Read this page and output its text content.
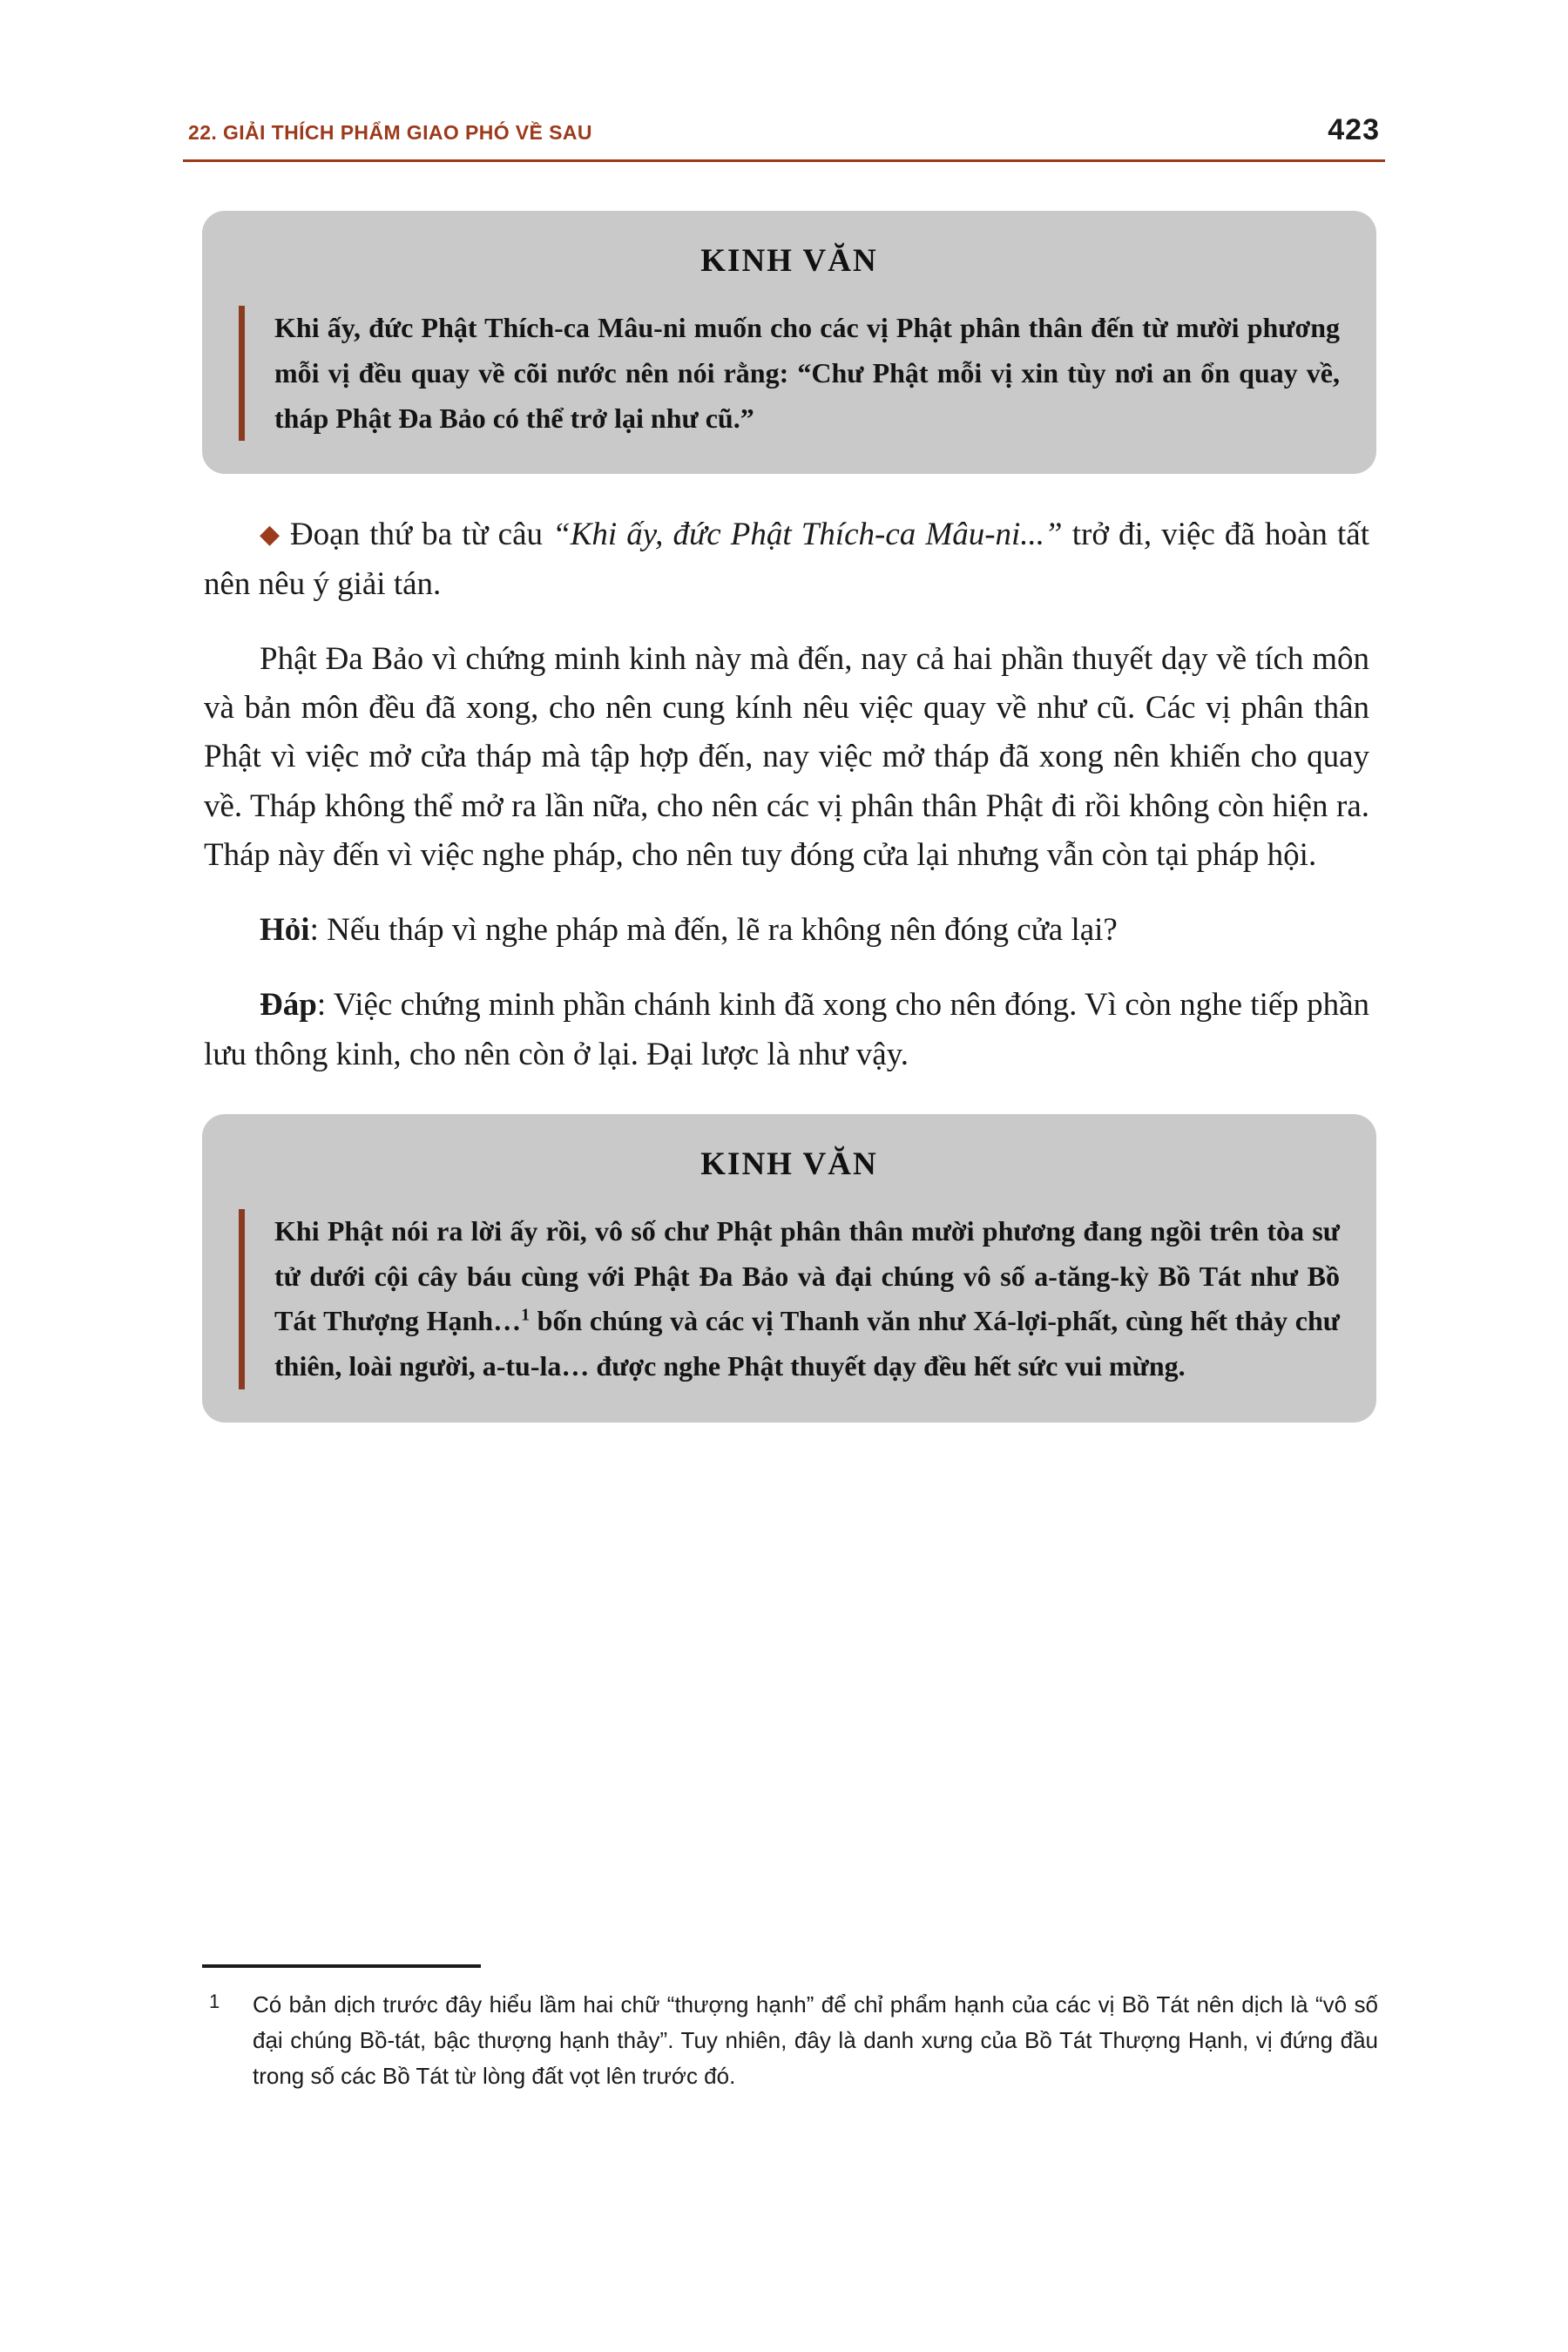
22. GIẢI THÍCH PHẨM GIAO PHÓ VỀ SAU	423
KINH VĂN
Khi ấy, đức Phật Thích-ca Mâu-ni muốn cho các vị Phật phân thân đến từ mười phương mỗi vị đều quay về cõi nước nên nói rằng: “Chư Phật mỗi vị xin tùy nơi an ổn quay về, tháp Phật Đa Bảo có thể trở lại như cũ.”

◆ Đoạn thứ ba từ câu “Khi ấy, đức Phật Thích-ca Mâu-ni...” trở đi, việc đã hoàn tất nên nêu ý giải tán.

Phật Đa Bảo vì chứng minh kinh này mà đến, nay cả hai phần thuyết dạy về tích môn và bản môn đều đã xong, cho nên cung kính nêu việc quay về như cũ. Các vị phân thân Phật vì việc mở cửa tháp mà tập hợp đến, nay việc mở tháp đã xong nên khiến cho quay về. Tháp không thể mở ra lần nữa, cho nên các vị phân thân Phật đi rồi không còn hiện ra. Tháp này đến vì việc nghe pháp, cho nên tuy đóng cửa lại nhưng vẫn còn tại pháp hội.

Hỏi: Nếu tháp vì nghe pháp mà đến, lẽ ra không nên đóng cửa lại?

Đáp: Việc chứng minh phần chánh kinh đã xong cho nên đóng. Vì còn nghe tiếp phần lưu thông kinh, cho nên còn ở lại. Đại lược là như vậy.

KINH VĂN
Khi Phật nói ra lời ấy rồi, vô số chư Phật phân thân mười phương đang ngồi trên tòa sư tử dưới cội cây báu cùng với Phật Đa Bảo và đại chúng vô số a-tăng-kỳ Bồ Tát như Bồ Tát Thượng Hạnh…$^1$ bốn chúng và các vị Thanh văn như Xá-lợi-phất, cùng hết thảy chư thiên, loài người, a-tu-la… được nghe Phật thuyết dạy đều hết sức vui mừng.
1 Có bản dịch trước đây hiểu lầm hai chữ “thượng hạnh” để chỉ phẩm hạnh của các vị Bồ Tát nên dịch là “vô số đại chúng Bồ-tát, bậc thượng hạnh thảy”. Tuy nhiên, đây là danh xưng của Bồ Tát Thượng Hạnh, vị đứng đầu trong số các Bồ Tát từ lòng đất vọt lên trước đó.
